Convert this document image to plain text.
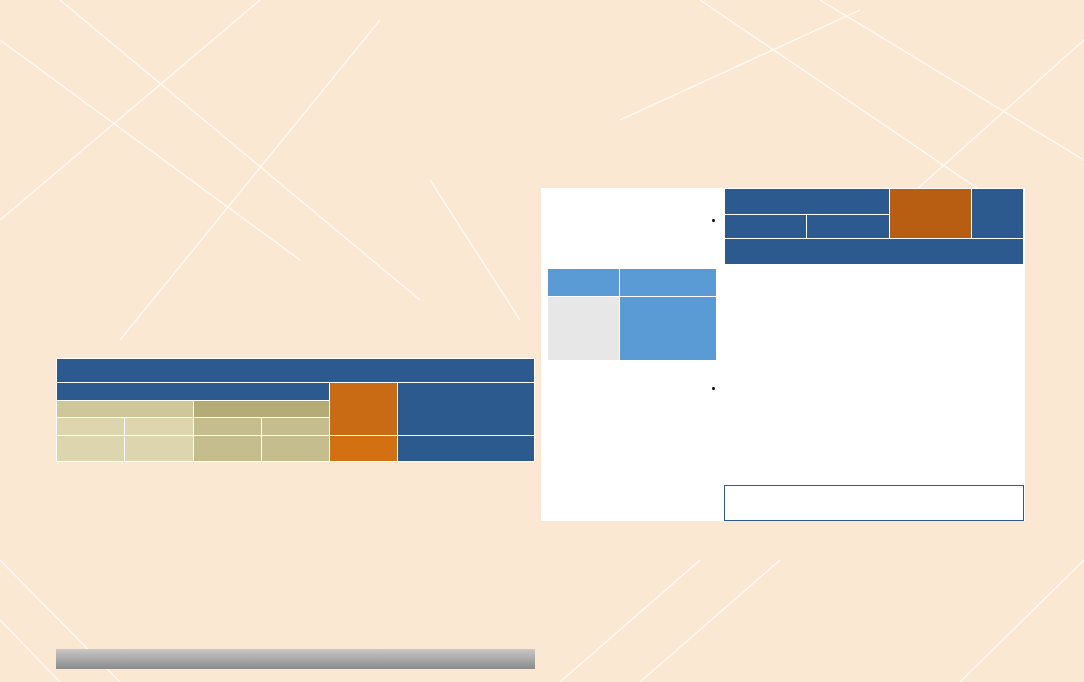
•

•
